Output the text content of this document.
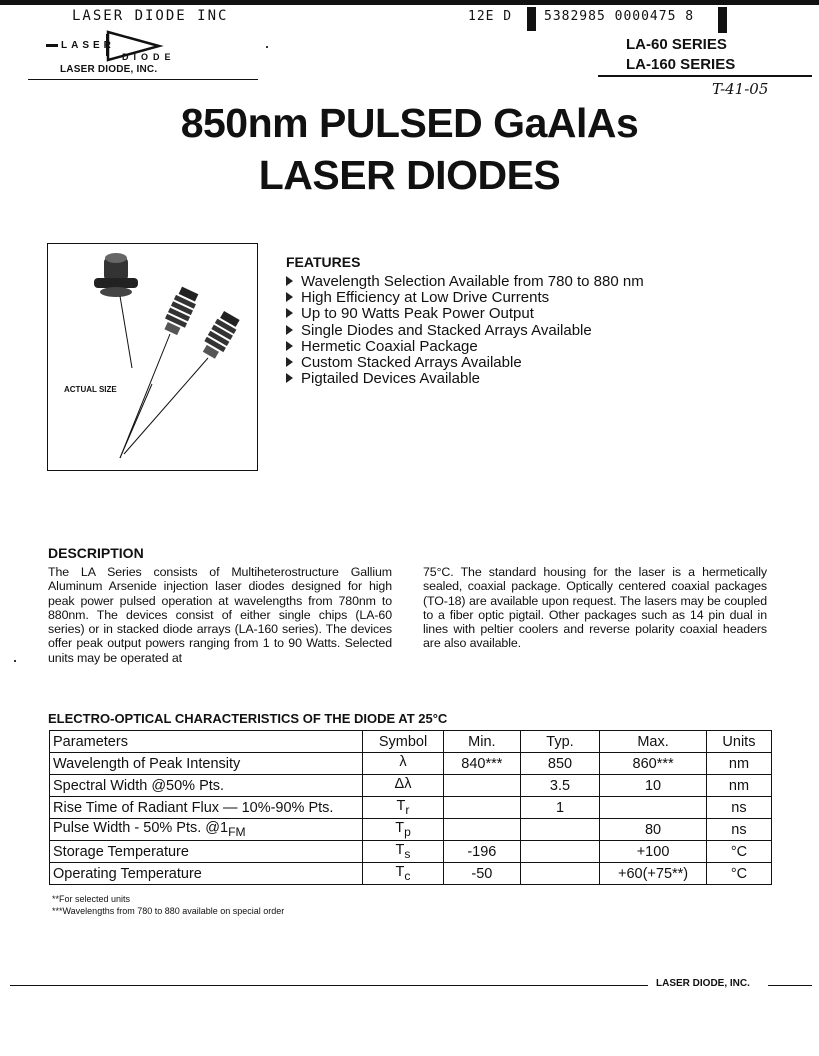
LASER DIODE INC	12E D 5382985 0000475 8
LASER
DIODE
LASER DIODE, INC.
LA-60 SERIES
LA-160 SERIES
T-41-05
850nm PULSED GaAlAs
LASER DIODES
ACTUAL SIZE
FEATURES
Wavelength Selection Available from 780 to 880 nm
High Efficiency at Low Drive Currents
Up to 90 Watts Peak Power Output
Single Diodes and Stacked Arrays Available
Hermetic Coaxial Package
Custom Stacked Arrays Available
Pigtailed Devices Available
DESCRIPTION
The LA Series consists of Multiheterostructure Gallium Aluminum Arsenide injection laser diodes designed for high peak power pulsed operation at wavelengths from 780nm to 880nm. The devices consist of either single chips (LA-60 series) or in stacked diode arrays (LA-160 series). The devices offer peak output powers ranging from 1 to 90 Watts. Selected units may be operated at
75°C. The standard housing for the laser is a hermetically sealed, coaxial package. Optically centered coaxial packages (TO-18) are available upon request. The lasers may be coupled to a fiber optic pigtail. Other packages such as 14 pin dual in lines with peltier coolers and reverse polarity coaxial headers are also available.
ELECTRO-OPTICAL CHARACTERISTICS OF THE DIODE AT 25°C
Parameters	Symbol	Min.	Typ.	Max.	Units
Wavelength of Peak Intensity	λ	840***	850	860***	nm
Spectral Width @50% Pts.	Δλ		3.5	10	nm
Rise Time of Radiant Flux — 10%-90% Pts.	$T_r$		1		ns
Pulse Width - 50% Pts. $@1_{FM}$	$T_p$			80	ns
Storage Temperature	$T_s$	-196		+100	°C
Operating Temperature	$T_c$	-50		+60(+75**)	°C
**For selected units
***Wavelengths from 780 to 880 available on special order
LASER DIODE, INC.
